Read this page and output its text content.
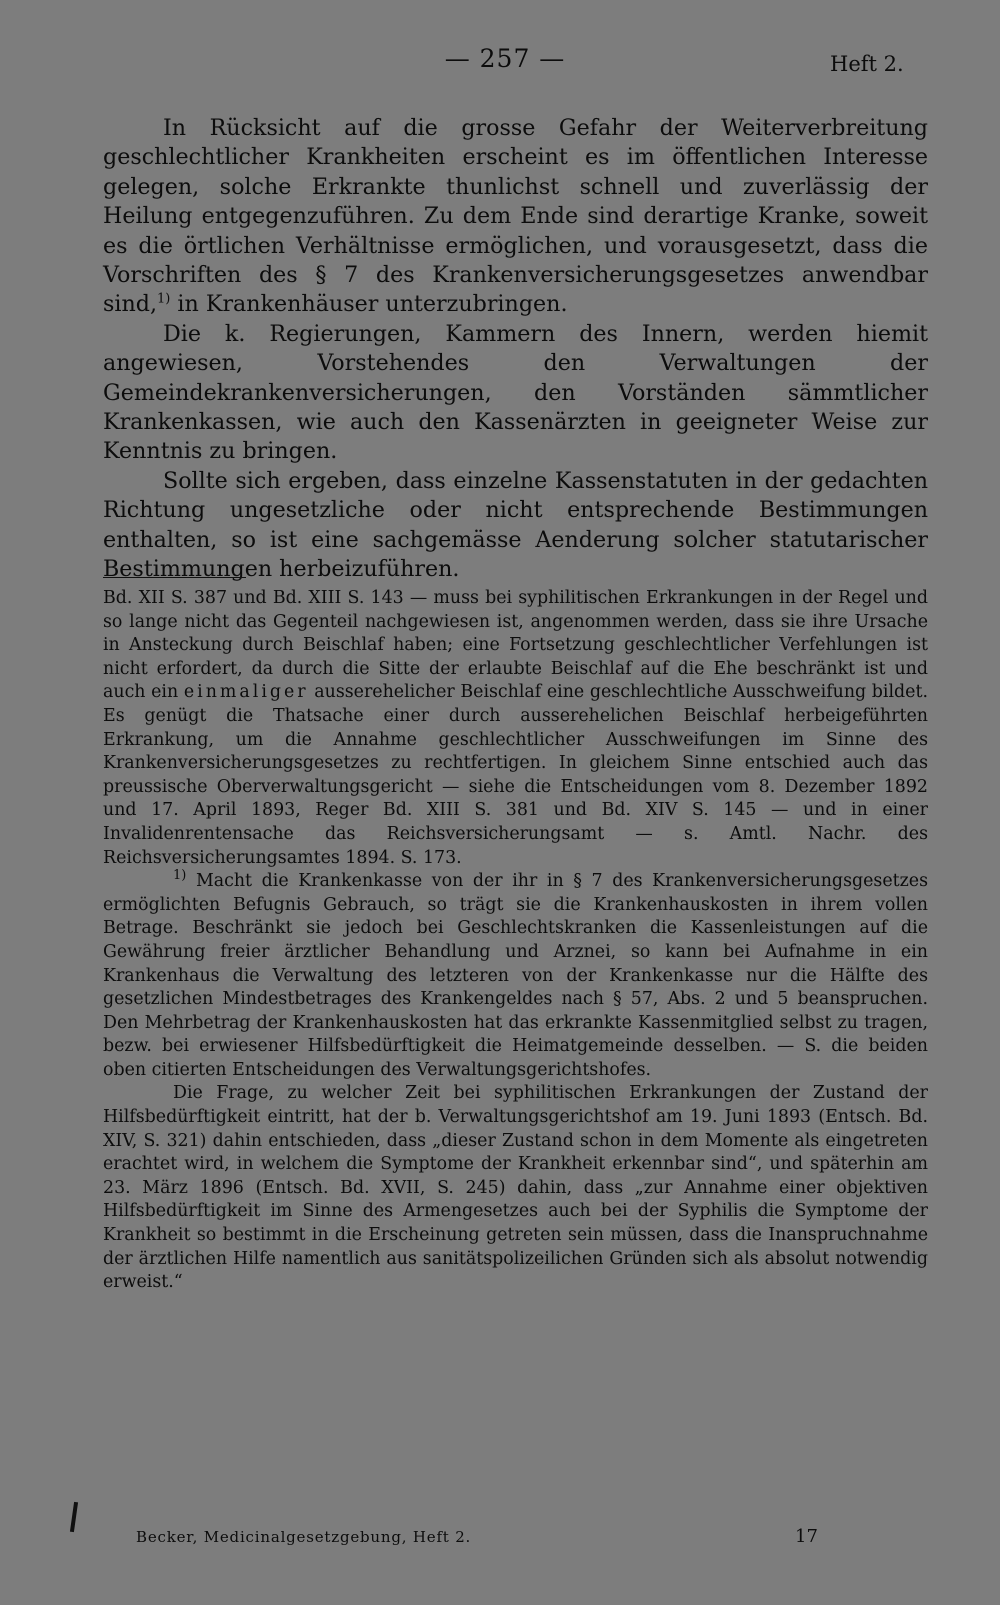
— 257 —	Heft 2.

In Rücksicht auf die grosse Gefahr der Weiterverbreitung geschlechtlicher Krankheiten erscheint es im öffentlichen Interesse gelegen, solche Erkrankte thunlichst schnell und zuverlässig der Heilung entgegenzuführen. Zu dem Ende sind derartige Kranke, soweit es die örtlichen Verhältnisse ermöglichen, und vorausgesetzt, dass die Vorschriften des § 7 des Krankenversicherungsgesetzes anwendbar sind,$^{1)}$ in Krankenhäuser unterzubringen.

Die k. Regierungen, Kammern des Innern, werden hiemit angewiesen, Vorstehendes den Verwaltungen der Gemeindekrankenversicherungen, den Vorständen sämmtlicher Krankenkassen, wie auch den Kassenärzten in geeigneter Weise zur Kenntnis zu bringen.

Sollte sich ergeben, dass einzelne Kassenstatuten in der gedachten Richtung ungesetzliche oder nicht entsprechende Bestimmungen enthalten, so ist eine sachgemässe Aenderung solcher statutarischer Bestimmungen herbeizuführen.

Bd. XII S. 387 und Bd. XIII S. 143 — muss bei syphilitischen Erkrankungen in der Regel und so lange nicht das Gegenteil nachgewiesen ist, angenommen werden, dass sie ihre Ursache in Ansteckung durch Beischlaf haben; eine Fortsetzung geschlechtlicher Verfehlungen ist nicht erfordert, da durch die Sitte der erlaubte Beischlaf auf die Ehe beschränkt ist und auch ein einmaliger ausserehelicher Beischlaf eine geschlechtliche Ausschweifung bildet. Es genügt die Thatsache einer durch ausserehelichen Beischlaf herbeigeführten Erkrankung, um die Annahme geschlechtlicher Ausschweifungen im Sinne des Krankenversicherungsgesetzes zu rechtfertigen. In gleichem Sinne entschied auch das preussische Oberverwaltungsgericht — siehe die Entscheidungen vom 8. Dezember 1892 und 17. April 1893, Reger Bd. XIII S. 381 und Bd. XIV S. 145 — und in einer Invalidenrentensache das Reichsversicherungsamt — s. Amtl. Nachr. des Reichsversicherungsamtes 1894. S. 173.

$^{1)}$ Macht die Krankenkasse von der ihr in § 7 des Krankenversicherungsgesetzes ermöglichten Befugnis Gebrauch, so trägt sie die Krankenhauskosten in ihrem vollen Betrage. Beschränkt sie jedoch bei Geschlechtskranken die Kassenleistungen auf die Gewährung freier ärztlicher Behandlung und Arznei, so kann bei Aufnahme in ein Krankenhaus die Verwaltung des letzteren von der Krankenkasse nur die Hälfte des gesetzlichen Mindestbetrages des Krankengeldes nach § 57, Abs. 2 und 5 beanspruchen. Den Mehrbetrag der Krankenhauskosten hat das erkrankte Kassenmitglied selbst zu tragen, bezw. bei erwiesener Hilfsbedürftigkeit die Heimatgemeinde desselben. — S. die beiden oben citierten Entscheidungen des Verwaltungsgerichtshofes.

Die Frage, zu welcher Zeit bei syphilitischen Erkrankungen der Zustand der Hilfsbedürftigkeit eintritt, hat der b. Verwaltungsgerichtshof am 19. Juni 1893 (Entsch. Bd. XIV, S. 321) dahin entschieden, dass „dieser Zustand schon in dem Momente als eingetreten erachtet wird, in welchem die Symptome der Krankheit erkennbar sind“, und späterhin am 23. März 1896 (Entsch. Bd. XVII, S. 245) dahin, dass „zur Annahme einer objektiven Hilfsbedürftigkeit im Sinne des Armengesetzes auch bei der Syphilis die Symptome der Krankheit so bestimmt in die Erscheinung getreten sein müssen, dass die Inanspruchnahme der ärztlichen Hilfe namentlich aus sanitätspolizeilichen Gründen sich als absolut notwendig erweist.“

Becker, Medicinalgesetzgebung, Heft 2.	17
